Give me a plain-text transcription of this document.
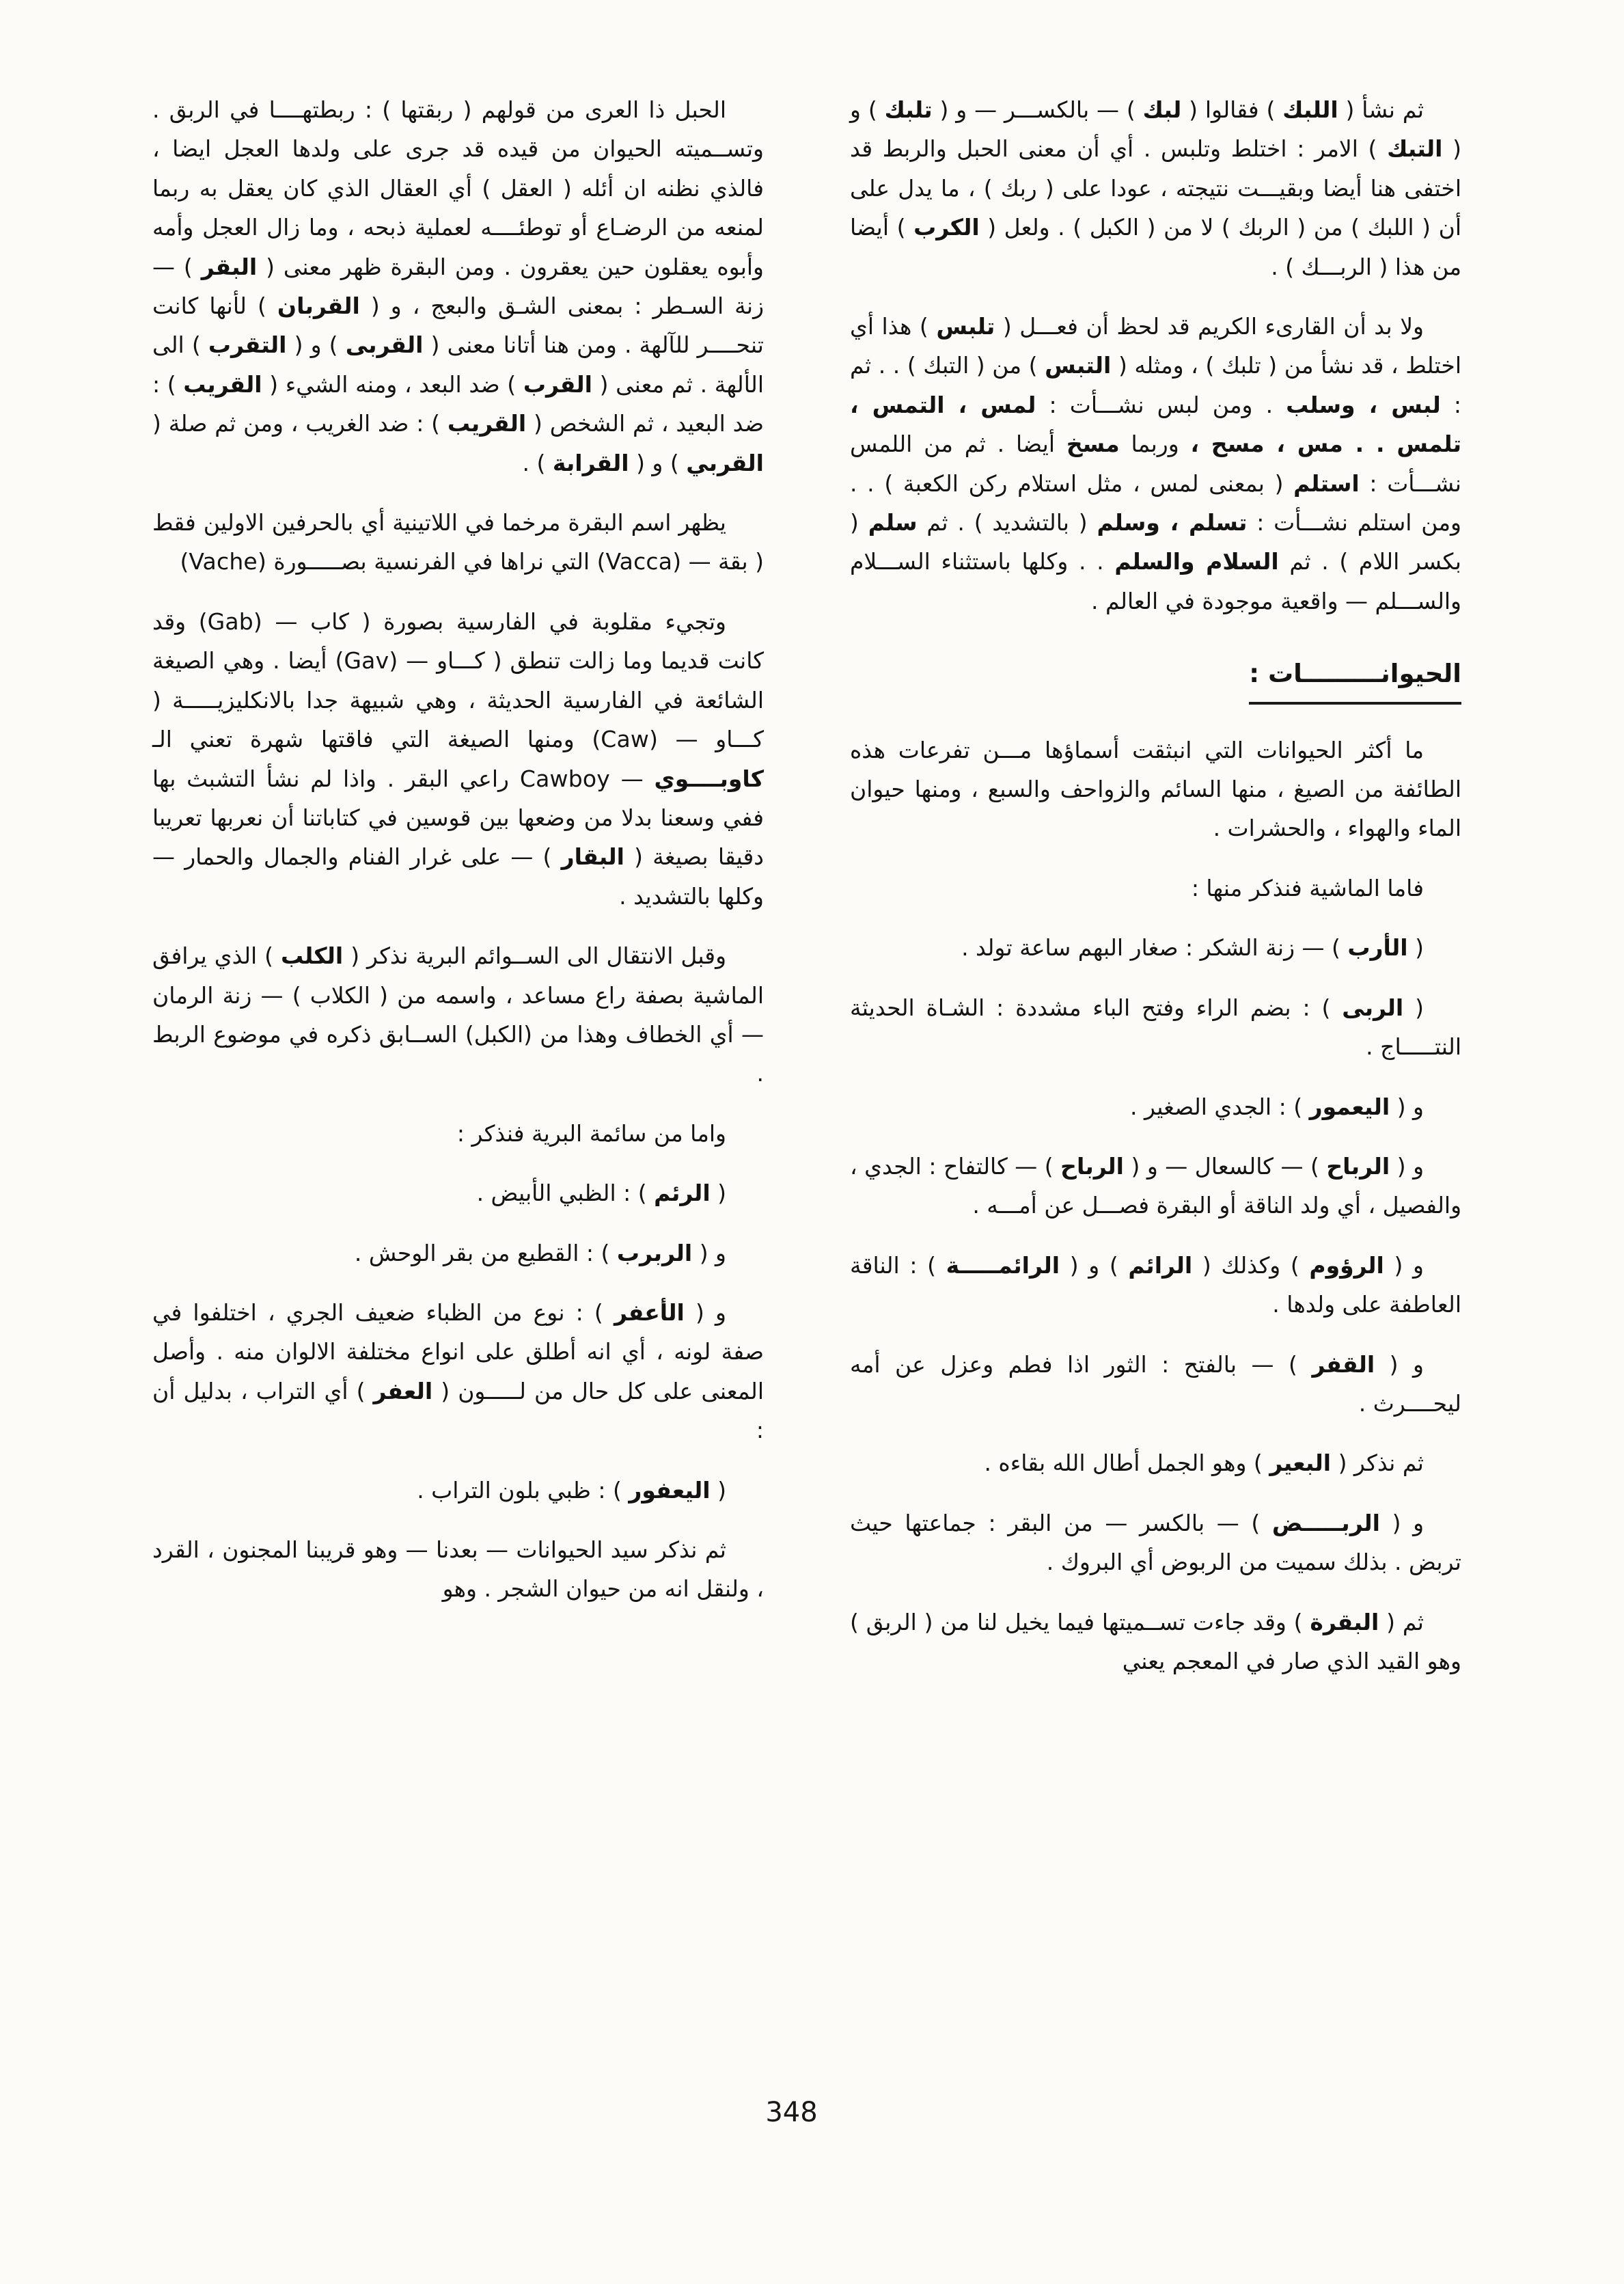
ثم نشأ ( اللبك ) فقالوا ( لبك ) — بالكســـر — و ( تلبك ) و ( التبك ) الامر : اختلط وتلبس . أي أن معنى الحبل والربط قد اختفى هنا أيضا وبقيـــت نتيجته ، عودا على ( ربك ) ، ما يدل على أن ( اللبك ) من ( الربك ) لا من ( الكبل ) . ولعل ( الكرب ) أيضا من هذا ( الربـــك ) .

ولا بد أن القارىء الكريم قد لحظ أن فعـــل ( تلبس ) هذا أي اختلط ، قد نشأ من ( تلبك ) ، ومثله ( التبس ) من ( التبك ) . . ثم : لبس ، وسلب . ومن لبس نشـــأت : لمس ، التمس ، تلمس . . مس ، مسح ، وربما مسخ أيضا . ثم من اللمس نشـــأت : استلم ( بمعنى لمس ، مثل استلام ركن الكعبة ) . . ومن استلم نشـــأت : تسلم ، وسلم ( بالتشديد ) . ثم سلم ( بكسر اللام ) . ثم السلام والسلم . . وكلها باستثناء الســـلام والســـلم — واقعية موجودة في العالم .

الحيوانـــــــــات :

ما أكثر الحيوانات التي انبثقت أسماؤها مـــن تفرعات هذه الطائفة من الصيغ ، منها السائم والزواحف والسبع ، ومنها حيوان الماء والهواء ، والحشرات .

فاما الماشية فنذكر منها :

( الأرب ) — زنة الشكر : صغار البهم ساعة تولد .

( الربى ) : بضم الراء وفتح الباء مشددة : الشـاة الحديثة النتـــــاج .

و ( اليعمور ) : الجدي الصغير .

و ( الرباح ) — كالسعال — و ( الرباح ) — كالتفاح : الجدي ، والفصيل ، أي ولد الناقة أو البقرة فصـــل عن أمـــه .

و ( الرؤوم ) وكذلك ( الرائم ) و ( الرائمـــــة ) : الناقة العاطفة على ولدها .

و ( القفر ) — بالفتح : الثور اذا فطم وعزل عن أمه ليحــــرث .

ثم نذكر ( البعير ) وهو الجمل أطال الله بقاءه .

و ( الربـــــض ) — بالكسر — من البقر : جماعتها حيث تربض . بذلك سميت من الربوض أي البروك .

ثم ( البقرة ) وقد جاءت تســميتها فيما يخيل لنا من ( الربق ) وهو القيد الذي صار في المعجم يعني

الحبل ذا العرى من قولهم ( ربقتها ) : ربطتهــــا في الربق . وتســميته الحيوان من قيده قد جرى على ولدها العجل ايضا ، فالذي نظنه ان أئله ( العقل ) أي العقال الذي كان يعقل به ربما لمنعه من الرضـاع أو توطئــــه لعملية ذبحه ، وما زال العجل وأمه وأبوه يعقلون حين يعقرون . ومن البقرة ظهر معنى ( البقر ) — زنة السـطر : بمعنى الشـق والبعج ، و ( القربان ) لأنها كانت تنحــــر للآلهة . ومن هنا أتانا معنى ( القربى ) و ( التقرب ) الى الألهة . ثم معنى ( القرب ) ضد البعد ، ومنه الشيء ( القريب ) : ضد البعيد ، ثم الشخص ( القريب ) : ضد الغريب ، ومن ثم صلة ( القربي ) و ( القرابة ) .

يظهر اسم البقرة مرخما في اللاتينية أي بالحرفين الاولين فقط ( بقة — (Vacca) التي نراها في الفرنسية بصـــــورة (Vache)

وتجيء مقلوبة في الفارسية بصورة ( كاب — (Gab) وقد كانت قديما وما زالت تنطق ( كـــاو — (Gav) أيضا . وهي الصيغة الشائعة في الفارسية الحديثة ، وهي شبيهة جدا بالانكليزيـــــة ( كـــاو — (Caw) ومنها الصيغة التي فاقتها شهرة تعني الـ كاوبــــوي — Cawboy راعي البقر . واذا لم نشأ التشبث بها ففي وسعنا بدلا من وضعها بين قوسين في كتاباتنا أن نعربها تعريبا دقيقا بصيغة ( البقار ) — على غرار الفنام والجمال والحمار — وكلها بالتشديد .

وقبل الانتقال الى الســوائم البرية نذكر ( الكلب ) الذي يرافق الماشية بصفة راع مساعد ، واسمه من ( الكلاب ) — زنة الرمان — أي الخطاف وهذا من (الكبل) الســابق ذكره في موضوع الربط .

واما من سائمة البرية فنذكر :

( الرئم ) : الظبي الأبيض .

و ( الربرب ) : القطيع من بقر الوحش .

و ( الأعفر ) : نوع من الظباء ضعيف الجري ، اختلفوا في صفة لونه ، أي انه أطلق على انواع مختلفة الالوان منه . وأصل المعنى على كل حال من لـــــون ( العفر ) أي التراب ، بدليل أن :

( اليعفور ) : ظبي بلون التراب .

ثم نذكر سيد الحيوانات — بعدنا — وهو قريبنا المجنون ، القرد ، ولنقل انه من حيوان الشجر . وهو

348
